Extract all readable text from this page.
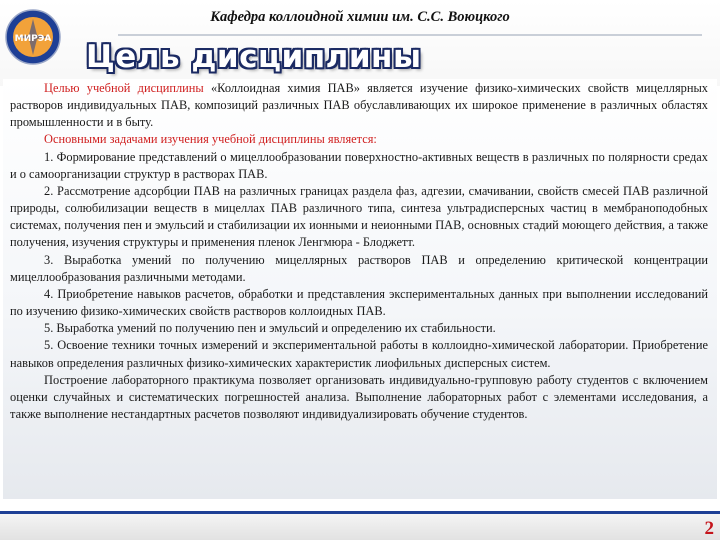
МИРЭА
Кафедра коллоидной химии им. С.С. Воюцкого
Цель дисциплины

Целью учебной дисциплины «Коллоидная химия ПАВ» является изучение физико-химических свойств мицеллярных растворов индивидуальных ПАВ, композиций различных ПАВ обуславливающих их широкое применение в различных областях промышленности и в быту.

Основными задачами изучения учебной дисциплины является:

1. Формирование представлений о мицеллообразовании поверхностно-активных веществ в различных по полярности средах и о самоорганизации структур в растворах ПАВ.

2. Рассмотрение адсорбции ПАВ на различных границах раздела фаз, адгезии, смачивании, свойств смесей ПАВ различной природы, солюбилизации веществ в мицеллах ПАВ различного типа, синтеза ультрадисперсных частиц в мембраноподобных системах, получения пен и эмульсий и стабилизации их ионными и неионными ПАВ, основных стадий моющего действия, а также получения, изучения структуры и применения пленок Ленгмюра - Блоджетт.

3. Выработка умений по получению мицеллярных растворов ПАВ и определению критической концентрации мицеллообразования различными методами.

4. Приобретение навыков расчетов, обработки и представления экспериментальных данных при выполнении исследований по изучению физико-химических свойств растворов коллоидных ПАВ.

5. Выработка умений по получению пен и эмульсий и определению их стабильности.

5. Освоение техники точных измерений и экспериментальной работы в коллоидно-химической лаборатории. Приобретение навыков определения различных физико-химических характеристик лиофильных дисперсных систем.

Построение лабораторного практикума позволяет организовать индивидуально-групповую работу студентов с включением оценки случайных и систематических погрешностей анализа. Выполнение лабораторных работ с элементами исследования, а также выполнение нестандартных расчетов позволяют индивидуализировать обучение студентов.

2
